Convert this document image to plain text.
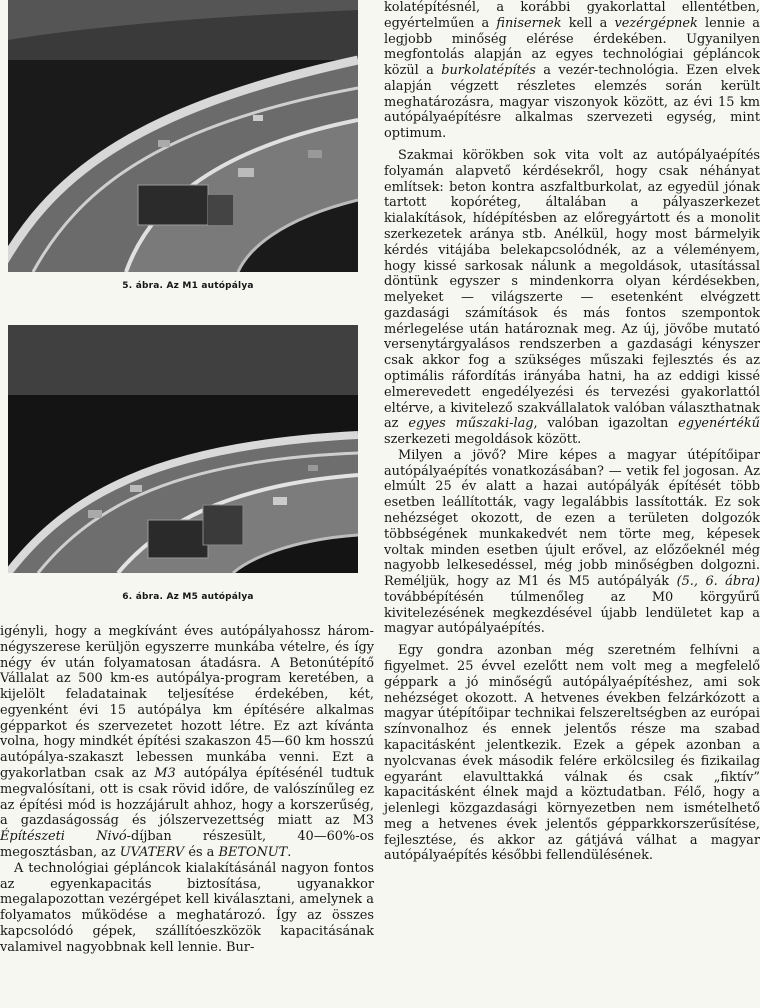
5. ábra. Az M1 autópálya
6. ábra. Az M5 autópálya

igényli, hogy a megkívánt éves autópályahossz három-négyszerese kerüljön egyszerre munkába vételre, és így négy év után folyamatosan átadásra. A Betonútépítő Vállalat az 500 km-es autópálya-program keretében, a kijelölt feladatainak teljesítése érdekében, két, egyenként évi 15 autópálya km építésére alkalmas gépparkot és szervezetet hozott létre. Ez azt kívánta volna, hogy mindkét építési szakaszon 45—60 km hosszú autópálya-szakaszt lebessen munkába venni. Ezt a gyakorlatban csak az M3 autópálya építésénél tudtuk megvalósítani, ott is csak rövid időre, de valószínűleg ez az építési mód is hozzájárult ahhoz, hogy a korszerűség, a gazdaságosság és jólszervezettség miatt az M3 Építészeti Nivó-díjban részesült, 40—60%-os megosztásban, az UVATERV és a BETONUT.

A technológiai gépláncok kialakításánál nagyon fontos az egyenkapacitás biztosítása, ugyanakkor megalapozottan vezérgépet kell kiválasztani, amelynek a folyamatos működése a meghatározó. Így az összes kapcsolódó gépek, szállítóeszközök kapacitásának valamivel nagyobbnak kell lennie. Bur-

kolatépítésnél, a korábbi gyakorlattal ellentétben, egyértelműen a finisernek kell a vezérgépnek lennie a legjobb minőség elérése érdekében. Ugyanilyen megfontolás alapján az egyes technológiai gépláncok közül a burkolatépítés a vezér-technológia. Ezen elvek alapján végzett részletes elemzés során került meghatározásra, magyar viszonyok között, az évi 15 km autópályaépítésre alkalmas szervezeti egység, mint optimum.

Szakmai körökben sok vita volt az autópályaépítés folyamán alapvető kérdésekről, hogy csak néhányat említsek: beton kontra aszfaltburkolat, az egyedül jónak tartott kopóréteg, általában a pályaszerkezet kialakítások, hídépítésben az előregyártott és a monolit szerkezetek aránya stb. Anélkül, hogy most bármelyik kérdés vitájába belekapcsolódnék, az a véleményem, hogy kissé sarkosak nálunk a megoldások, utasítással döntünk egyszer s mindenkorra olyan kérdésekben, melyeket — világszerte — esetenként elvégzett gazdasági számítások és más fontos szempontok mérlegelése után határoznak meg. Az új, jövőbe mutató versenytárgyalásos rendszerben a gazdasági kényszer csak akkor fog a szükséges műszaki fejlesztés és az optimális ráfordítás irányába hatni, ha az eddigi kissé elmerevedett engedélyezési és tervezési gyakorlattól eltérve, a kivitelező szakvállalatok valóban választhatnak az egyes műszaki-lag, valóban igazoltan egyenértékű szerkezeti megoldások között.

Milyen a jövő? Mire képes a magyar útépítőipar autópályaépítés vonatkozásában? — vetik fel jogosan. Az elmúlt 25 év alatt a hazai autópályák építését több esetben leállították, vagy legalábbis lassították. Ez sok nehézséget okozott, de ezen a területen dolgozók többségének munkakedvét nem törte meg, képesek voltak minden esetben újult erővel, az előzőeknél még nagyobb lelkesedéssel, még jobb minőségben dolgozni. Reméljük, hogy az M1 és M5 autópályák (5., 6. ábra) továbbépítésén túlmenőleg az M0 körgyűrű kivitelezésének megkezdésével újabb lendületet kap a magyar autópályaépítés.

Egy gondra azonban még szeretném felhívni a figyelmet. 25 évvel ezelőtt nem volt meg a megfelelő géppark a jó minőségű autópályaépítéshez, ami sok nehézséget okozott. A hetvenes években felzárkózott a magyar útépítőipar technikai felszereltségben az európai színvonalhoz és ennek jelentős része ma szabad kapacitásként jelentkezik. Ezek a gépek azonban a nyolcvanas évek második felére erkölcsileg és fizikailag egyaránt elavulttakká válnak és csak „fiktív” kapacitásként élnek majd a köztudatban. Félő, hogy a jelenlegi közgazdasági környezetben nem ismételhető meg a hetvenes évek jelentős gépparkkorszerűsítése, fejlesztése, és akkor az gátjává válhat a magyar autópályaépítés későbbi fellendülésének.
